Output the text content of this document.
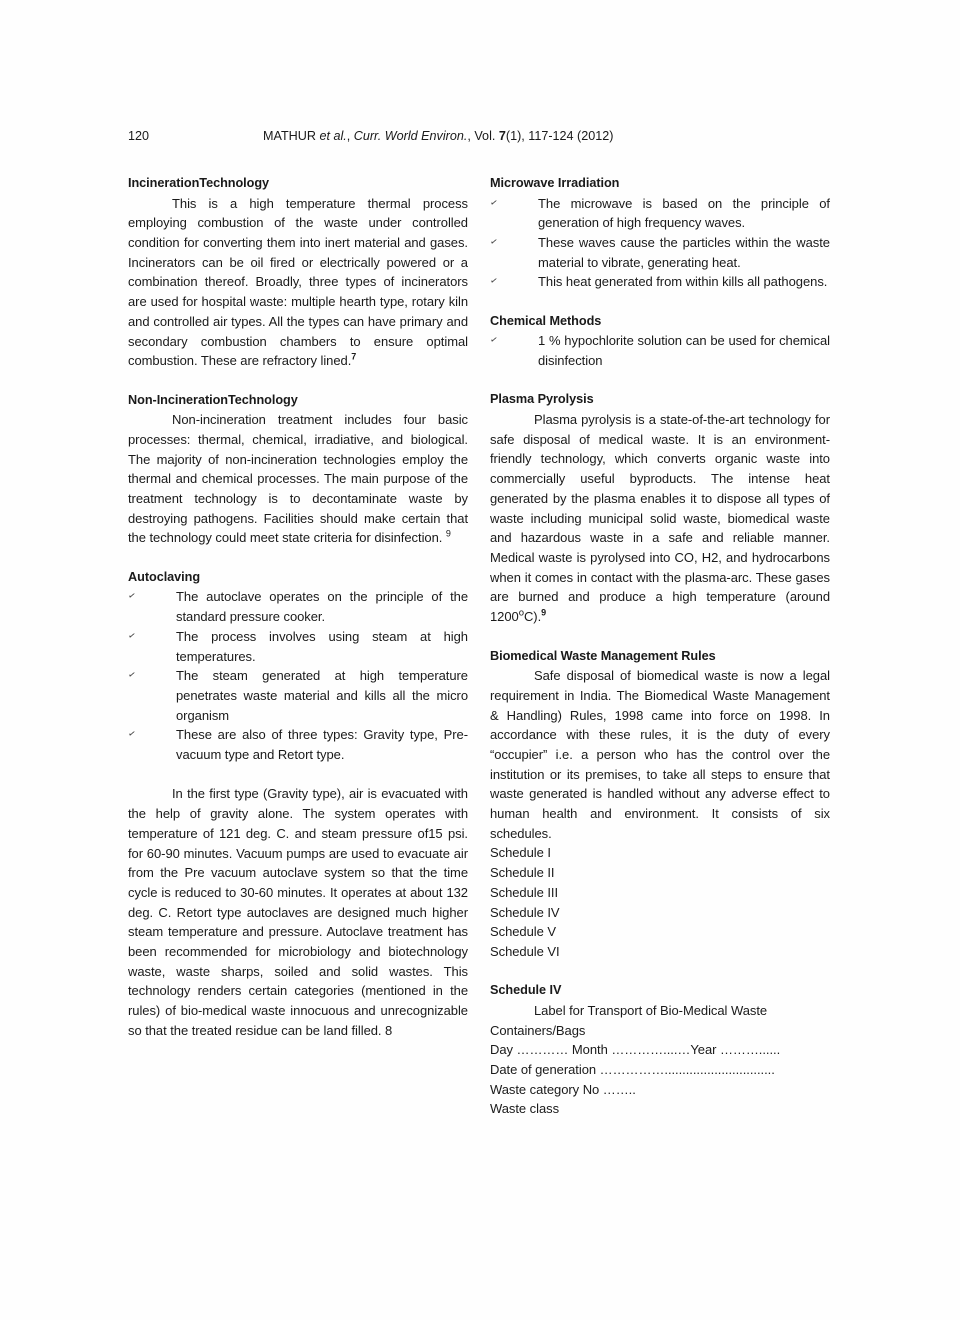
120	MATHUR et al., Curr. World Environ., Vol. 7(1), 117-124 (2012)
IncinerationTechnology

This is a high temperature thermal process employing combustion of the waste under controlled condition for converting them into inert material and gases. Incinerators can be oil fired or electrically powered or a combination thereof. Broadly, three types of incinerators are used for hospital waste: multiple hearth type, rotary kiln and controlled air types. All the types can have primary and secondary combustion chambers to ensure optimal combustion. These are refractory lined.$^7$

Non-IncinerationTechnology

Non-incineration treatment includes four basic processes: thermal, chemical, irradiative, and biological. The majority of non-incineration technologies employ the thermal and chemical processes. The main purpose of the treatment technology is to decontaminate waste by destroying pathogens. Facilities should make certain that the technology could meet state criteria for disinfection. $^9$

Autoclaving
✓	The autoclave operates on the principle of the standard pressure cooker.
✓	The process involves using steam at high temperatures.
✓	The steam generated at high temperature penetrates waste material and kills all the micro organism
✓	These are also of three types: Gravity type, Pre-vacuum type and Retort type.

In the first type (Gravity type), air is evacuated with the help of gravity alone. The system operates with temperature of 121 deg. C. and steam pressure of15 psi. for 60-90 minutes. Vacuum pumps are used to evacuate air from the Pre vacuum autoclave system so that the time cycle is reduced to 30-60 minutes. It operates at about 132 deg. C. Retort type autoclaves are designed much higher steam temperature and pressure. Autoclave treatment has been recommended for microbiology and biotechnology waste, waste sharps, soiled and solid wastes. This technology renders certain categories (mentioned in the rules) of bio-medical waste innocuous and unrecognizable so that the treated residue can be land filled. 8

Microwave Irradiation
✓	The microwave is based on the principle of generation of high frequency waves.
✓	These waves cause the particles within the waste material to vibrate, generating heat.
✓	This heat generated from within kills all pathogens.
Chemical Methods
✓	1 % hypochlorite solution can be used for chemical disinfection
Plasma Pyrolysis

Plasma pyrolysis is a state-of-the-art technology for safe disposal of medical waste. It is an environment-friendly technology, which converts organic waste into commercially useful byproducts. The intense heat generated by the plasma enables it to dispose all types of waste including municipal solid waste, biomedical waste and hazardous waste in a safe and reliable manner. Medical waste is pyrolysed into CO, H2, and hydrocarbons when it comes in contact with the plasma-arc. These gases are burned and produce a high temperature (around 1200$^o$C).$^9$

Biomedical Waste Management Rules

Safe disposal of biomedical waste is now a legal requirement in India. The Biomedical Waste Management & Handling) Rules, 1998 came into force on 1998. In accordance with these rules, it is the duty of every “occupier” i.e. a person who has the control over the institution or its premises, to take all steps to ensure that waste generated is handled without any adverse effect to human health and environment. It consists of six schedules.

Schedule I
Schedule II
Schedule III
Schedule IV
Schedule V
Schedule VI
Schedule IV

Label for Transport of Bio-Medical Waste Containers/Bags

Day ………… Month …………....…Year ………......
Date of generation ……………...............................
Waste category No ……..
Waste class
